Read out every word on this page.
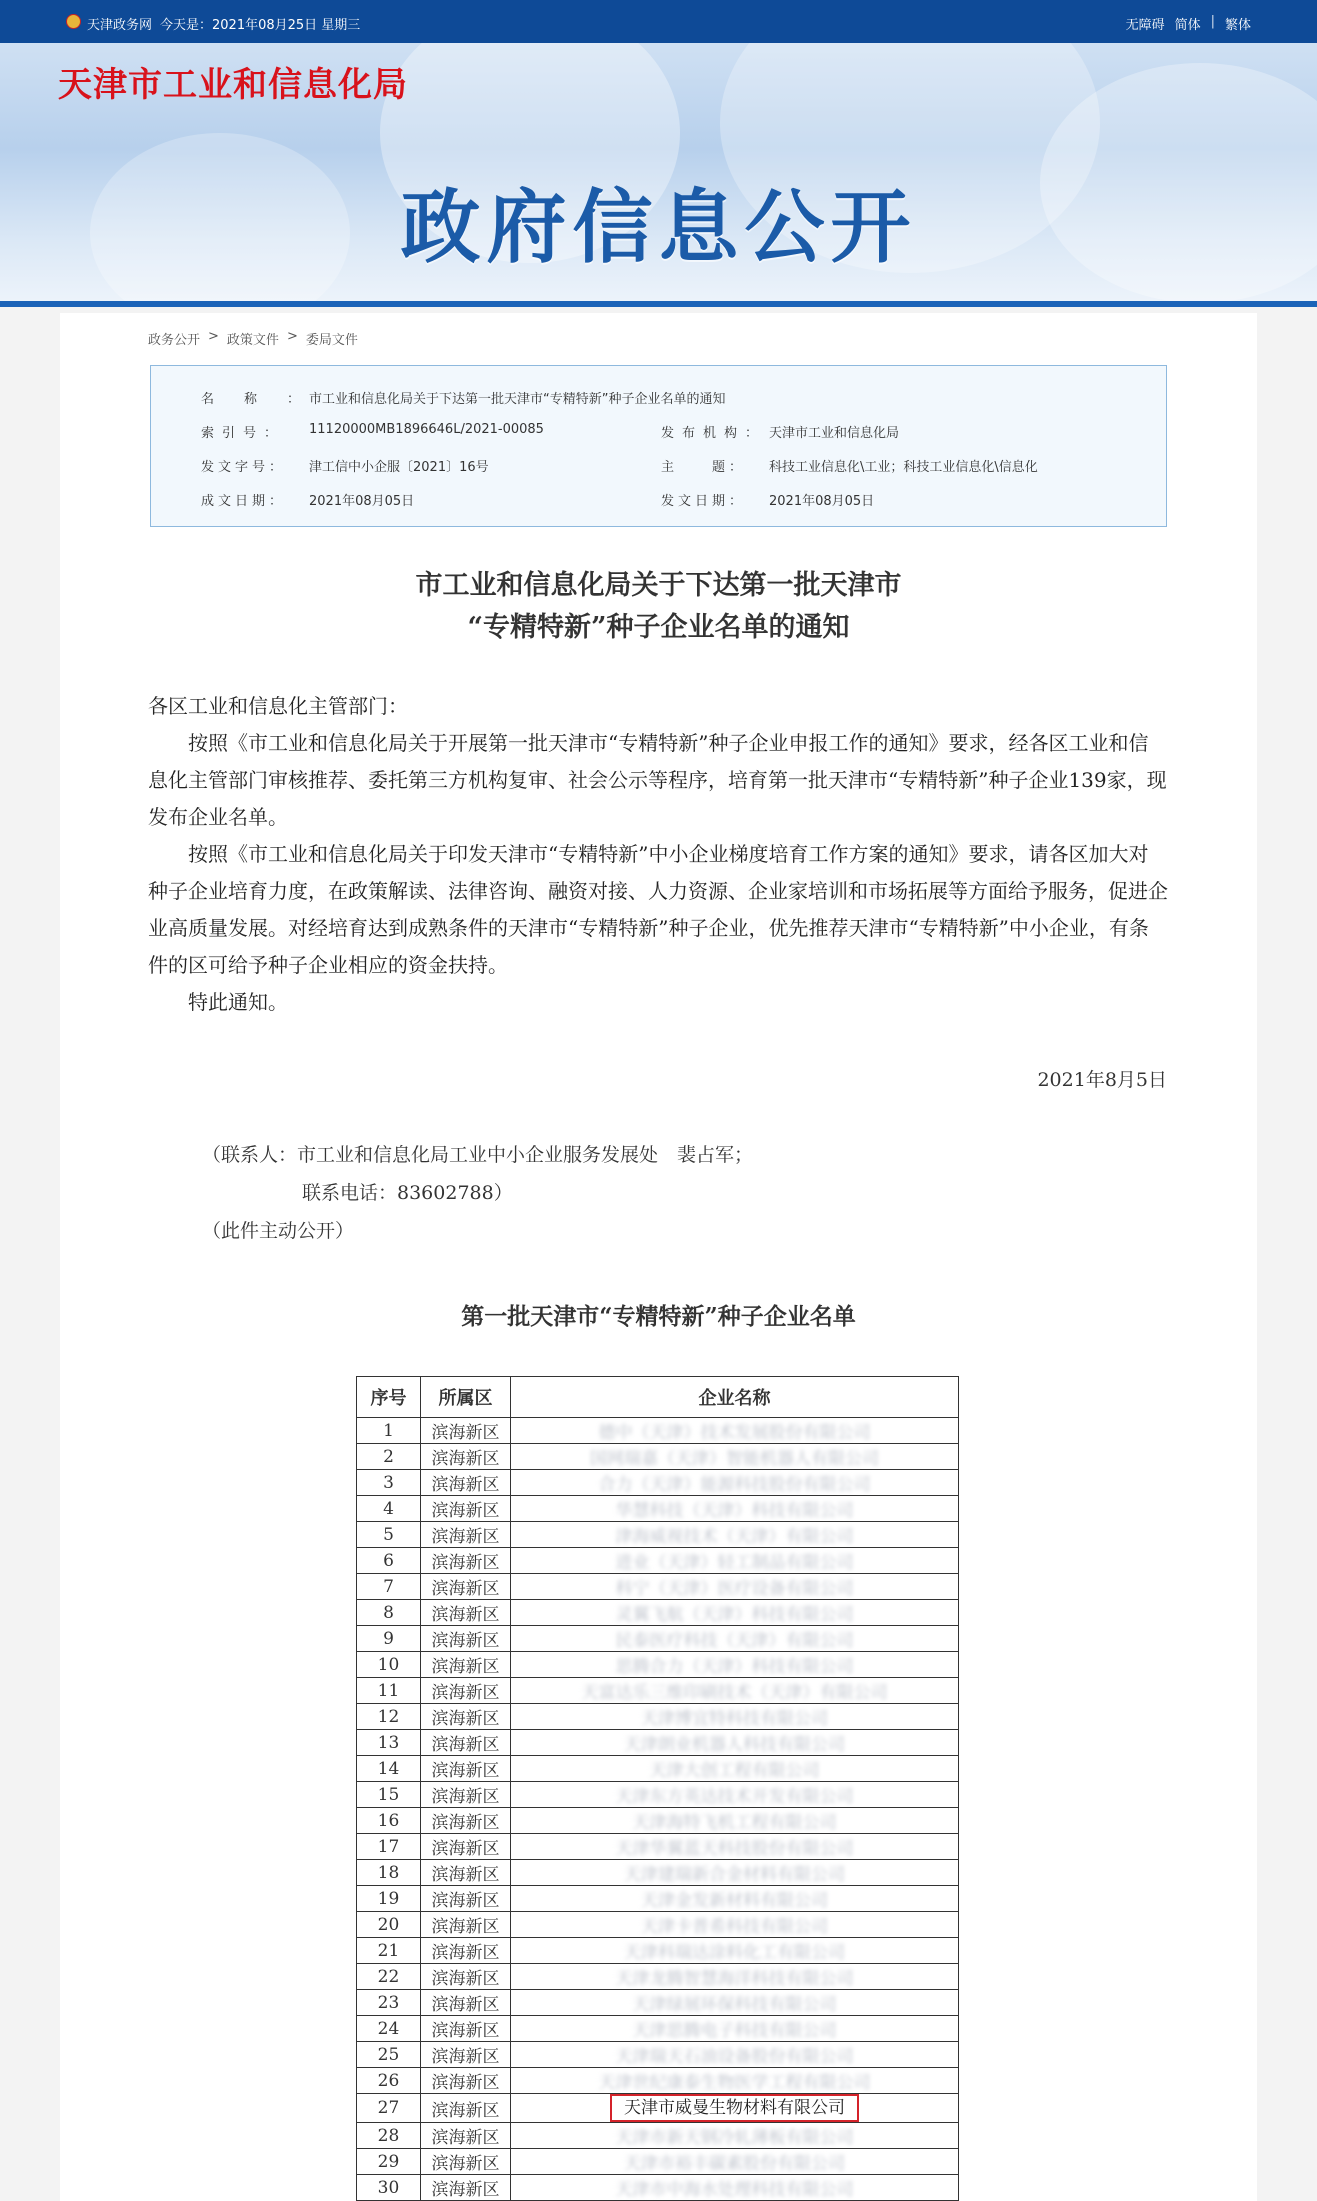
天津政务网 今天是：2021年08月25日 星期三	无障碍 简体 | 繁体
天津市工业和信息化局
政府信息公开
政务公开 > 政策文件 > 委局文件
名称：
市工业和信息化局关于下达第一批天津市“专精特新”种子企业名单的通知
索引号： 11120000MB1896646L/2021-00085	发布机构： 天津市工业和信息化局
发文字号： 津工信中小企服〔2021〕16号	主　　题： 科技工业信息化\工业；科技工业信息化\信息化
成文日期： 2021年08月05日	发文日期： 2021年08月05日
市工业和信息化局关于下达第一批天津市
“专精特新”种子企业名单的通知

各区工业和信息化主管部门：

按照《市工业和信息化局关于开展第一批天津市“专精特新”种子企业申报工作的通知》要求，经各区工业和信息化主管部门审核推荐、委托第三方机构复审、社会公示等程序，培育第一批天津市“专精特新”种子企业139家，现发布企业名单。

按照《市工业和信息化局关于印发天津市“专精特新”中小企业梯度培育工作方案的通知》要求，请各区加大对种子企业培育力度，在政策解读、法律咨询、融资对接、人力资源、企业家培训和市场拓展等方面给予服务，促进企业高质量发展。对经培育达到成熟条件的天津市“专精特新”种子企业，优先推荐天津市“专精特新”中小企业，有条件的区可给予种子企业相应的资金扶持。

特此通知。

2021年8月5日
（联系人：市工业和信息化局工业中小企业服务发展处　裴占军；
联系电话：83602788）
（此件主动公开）
第一批天津市“专精特新”种子企业名单
序号	所属区	企业名称
1	滨海新区	德中（天津）技术发展股份有限公司
2	滨海新区	国网瑞嘉（天津）智能机器人有限公司
3	滨海新区	合力（天津）能源科技股份有限公司
4	滨海新区	华慧科技（天津）科技有限公司
5	滨海新区	津海威视技术（天津）有限公司
6	滨海新区	进业（天津）轻工制品有限公司
7	滨海新区	科宁（天津）医疗设备有限公司
8	滨海新区	灵翼飞航（天津）科技有限公司
9	滨海新区	民泰医疗科技（天津）有限公司
10	滨海新区	思腾合力（天津）科技有限公司
11	滨海新区	天富达乐三维印刷技术（天津）有限公司
12	滨海新区	天津博宜特科技有限公司
13	滨海新区	天津朗业机器人科技有限公司
14	滨海新区	天津大创工程有限公司
15	滨海新区	天津东方英达技术开发有限公司
16	滨海新区	天津海特飞机工程有限公司
17	滨海新区	天津华翼蓝天科技股份有限公司
18	滨海新区	天津建瑞新合金材料有限公司
19	滨海新区	天津金发新材料有限公司
20	滨海新区	天津卡普希科技有限公司
21	滨海新区	天津科瑞达涂料化工有限公司
22	滨海新区	天津龙腾智慧海洋科技有限公司
23	滨海新区	天津绿展环保科技有限公司
24	滨海新区	天津思腾电子科技有限公司
25	滨海新区	天津瑞天石油设备股份有限公司
26	滨海新区	天津世纪康泰生物医学工程有限公司
27	滨海新区	天津市威曼生物材料有限公司
28	滨海新区	天津市新天钢冷轧薄板有限公司
29	滨海新区	天津市裕丰碳素股份有限公司
30	滨海新区	天津市中海水处理科技有限公司
